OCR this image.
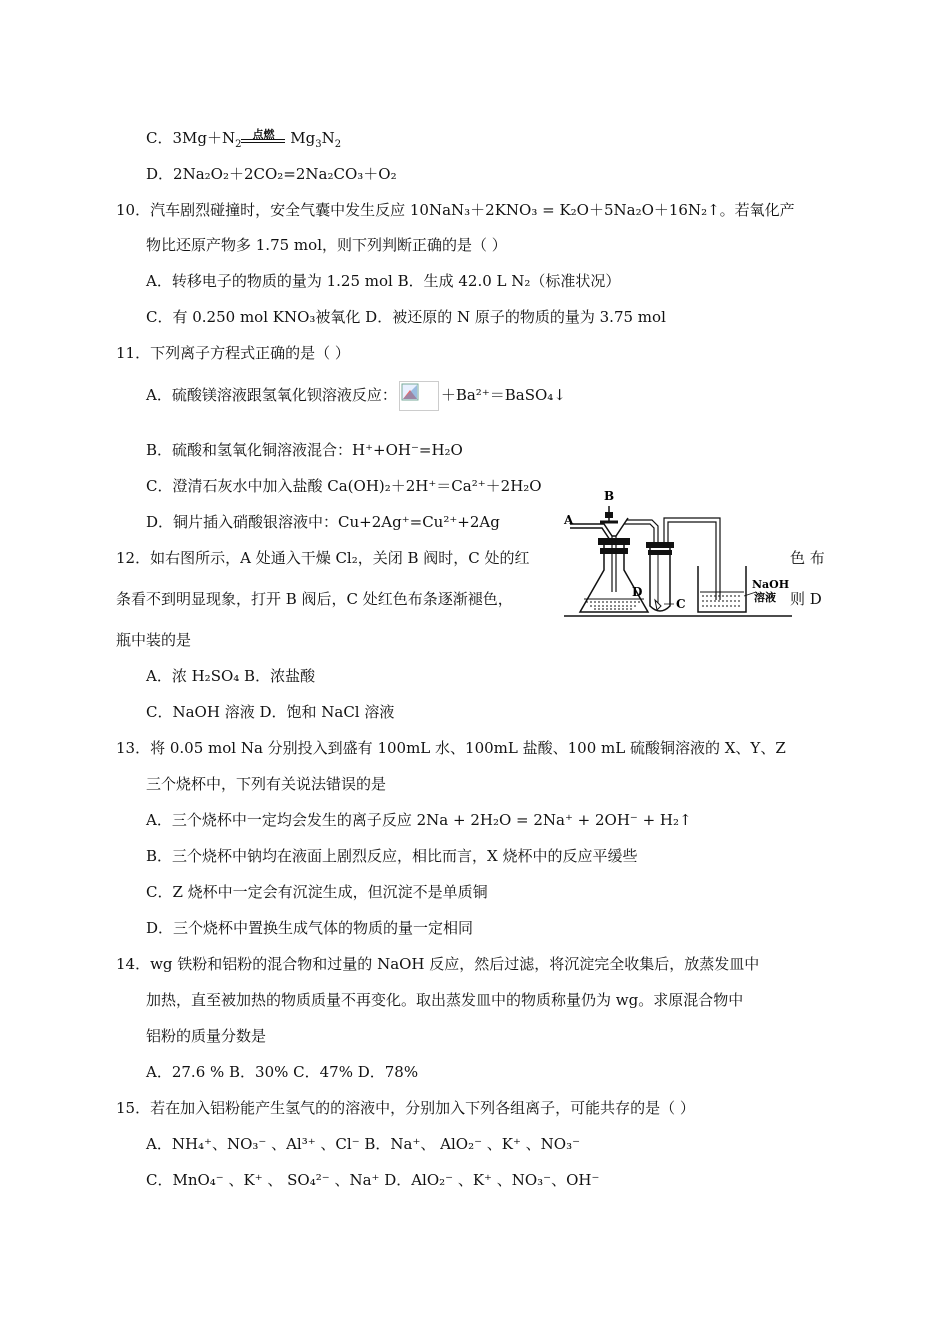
C．$3Mg+N_2$
点燃 $Mg_3N_2$
D．2Na₂O₂＋2CO₂=2Na₂CO₃＋O₂
10．汽车剧烈碰撞时，安全气囊中发生反应 10NaN₃＋2KNO₃ = K₂O＋5Na₂O＋16N₂↑。若氧化产
物比还原产物多 1.75 mol，则下列判断正确的是（ ）
A．转移电子的物质的量为 1.25 mol B．生成 42.0 L N₂（标准状况）
C．有 0.250 mol KNO₃被氧化 D．被还原的 N 原子的物质的量为 3.75 mol
11．下列离子方程式正确的是（ ）
A．硫酸镁溶液跟氢氧化钡溶液反应：	＋Ba²⁺＝BaSO₄↓
B．硫酸和氢氧化铜溶液混合：H⁺+OH⁻=H₂O
C．澄清石灰水中加入盐酸 Ca(OH)₂＋2H⁺＝Ca²⁺＋2H₂O
D．铜片插入硝酸银溶液中：Cu+2Ag⁺=Cu²⁺+2Ag
12．如右图所示，A 处通入干燥 Cl₂，关闭 B 阀时，C 处的红	色 布
条看不到明显现象，打开 B 阀后，C 处红色布条逐渐褪色，	则 D
瓶中装的是
A．浓 H₂SO₄ B．浓盐酸
C．NaOH 溶液 D．饱和 NaCl 溶液
A
B
C
D
NaOH
溶液
13．将 0.05 mol Na 分别投入到盛有 100mL 水、100mL 盐酸、100 mL 硫酸铜溶液的 X、Y、Z
三个烧杯中，下列有关说法错误的是
A．三个烧杯中一定均会发生的离子反应 2Na + 2H₂O = 2Na⁺ + 2OH⁻ + H₂↑
B．三个烧杯中钠均在液面上剧烈反应，相比而言，X 烧杯中的反应平缓些
C．Z 烧杯中一定会有沉淀生成，但沉淀不是单质铜
D．三个烧杯中置换生成气体的物质的量一定相同
14．wg 铁粉和铝粉的混合物和过量的 NaOH 反应，然后过滤，将沉淀完全收集后，放蒸发皿中
加热，直至被加热的物质质量不再变化。取出蒸发皿中的物质称量仍为 wg。求原混合物中
铝粉的质量分数是
A．27.6 % B．30% C．47% D．78%
15．若在加入铝粉能产生氢气的的溶液中，分别加入下列各组离子，可能共存的是（ ）
A．NH₄⁺、NO₃⁻ 、Al³⁺ 、Cl⁻ B．Na⁺、 AlO₂⁻ 、K⁺ 、NO₃⁻
C．MnO₄⁻ 、K⁺ 、 SO₄²⁻ 、Na⁺ D．AlO₂⁻ 、K⁺ 、NO₃⁻、OH⁻
